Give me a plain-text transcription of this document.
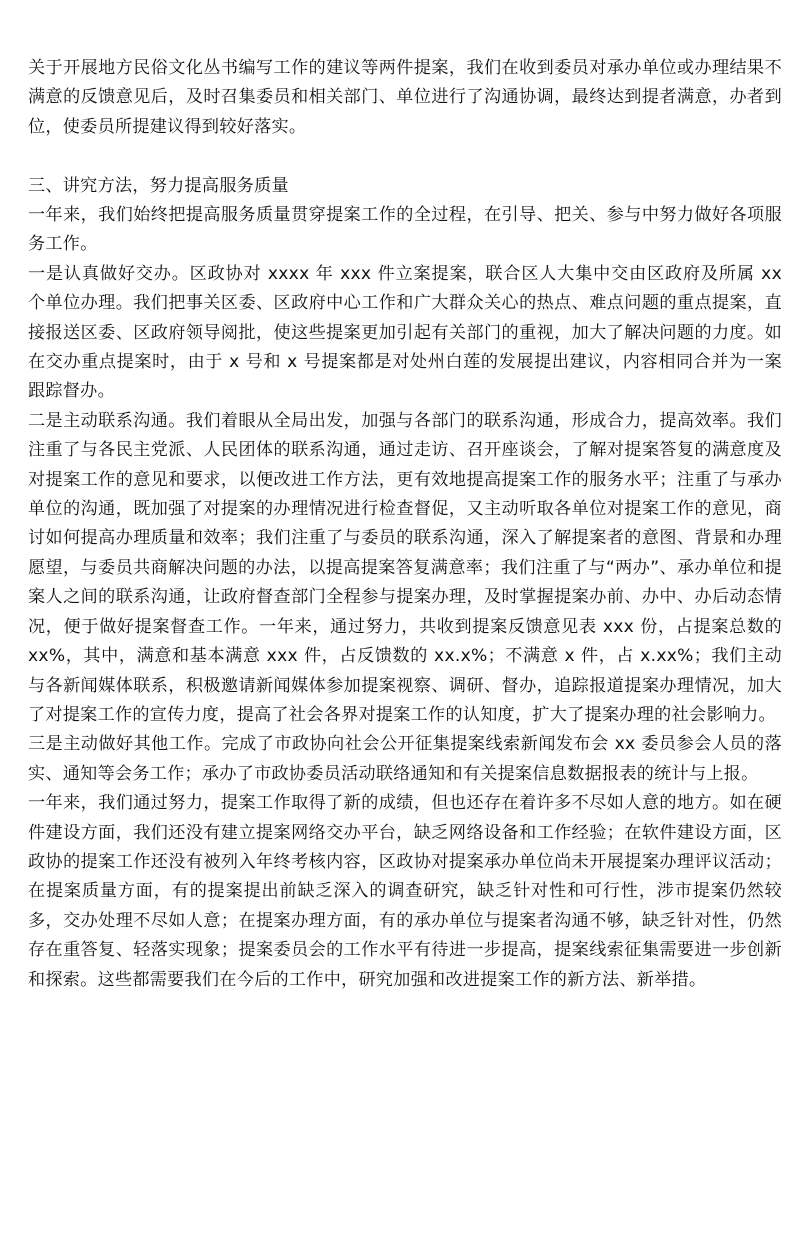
关于开展地方民俗文化丛书编写工作的建议等两件提案，我们在收到委员对承办单位或办理结果不满意的反馈意见后，及时召集委员和相关部门、单位进行了沟通协调，最终达到提者满意，办者到位，使委员所提建议得到较好落实。

三、讲究方法，努力提高服务质量

一年来，我们始终把提高服务质量贯穿提案工作的全过程，在引导、把关、参与中努力做好各项服务工作。

一是认真做好交办。区政协对 xxxx 年 xxx 件立案提案，联合区人大集中交由区政府及所属 xx 个单位办理。我们把事关区委、区政府中心工作和广大群众关心的热点、难点问题的重点提案，直接报送区委、区政府领导阅批，使这些提案更加引起有关部门的重视，加大了解决问题的力度。如在交办重点提案时，由于 x 号和 x 号提案都是对处州白莲的发展提出建议，内容相同合并为一案跟踪督办。

二是主动联系沟通。我们着眼从全局出发，加强与各部门的联系沟通，形成合力，提高效率。我们注重了与各民主党派、人民团体的联系沟通，通过走访、召开座谈会，了解对提案答复的满意度及对提案工作的意见和要求，以便改进工作方法，更有效地提高提案工作的服务水平；注重了与承办单位的沟通，既加强了对提案的办理情况进行检查督促，又主动听取各单位对提案工作的意见，商讨如何提高办理质量和效率；我们注重了与委员的联系沟通，深入了解提案者的意图、背景和办理愿望，与委员共商解决问题的办法，以提高提案答复满意率；我们注重了与“两办”、承办单位和提案人之间的联系沟通，让政府督查部门全程参与提案办理，及时掌握提案办前、办中、办后动态情况，便于做好提案督查工作。一年来，通过努力，共收到提案反馈意见表 xxx 份，占提案总数的 xx%，其中，满意和基本满意 xxx 件，占反馈数的 xx.x%；不满意 x 件，占 x.xx%；我们主动与各新闻媒体联系，积极邀请新闻媒体参加提案视察、调研、督办，追踪报道提案办理情况，加大了对提案工作的宣传力度，提高了社会各界对提案工作的认知度，扩大了提案办理的社会影响力。

三是主动做好其他工作。完成了市政协向社会公开征集提案线索新闻发布会 xx 委员参会人员的落实、通知等会务工作；承办了市政协委员活动联络通知和有关提案信息数据报表的统计与上报。

一年来，我们通过努力，提案工作取得了新的成绩，但也还存在着许多不尽如人意的地方。如在硬件建设方面，我们还没有建立提案网络交办平台，缺乏网络设备和工作经验；在软件建设方面，区政协的提案工作还没有被列入年终考核内容，区政协对提案承办单位尚未开展提案办理评议活动；在提案质量方面，有的提案提出前缺乏深入的调查研究，缺乏针对性和可行性，涉市提案仍然较多，交办处理不尽如人意；在提案办理方面，有的承办单位与提案者沟通不够，缺乏针对性，仍然存在重答复、轻落实现象；提案委员会的工作水平有待进一步提高，提案线索征集需要进一步创新和探索。这些都需要我们在今后的工作中，研究加强和改进提案工作的新方法、新举措。
